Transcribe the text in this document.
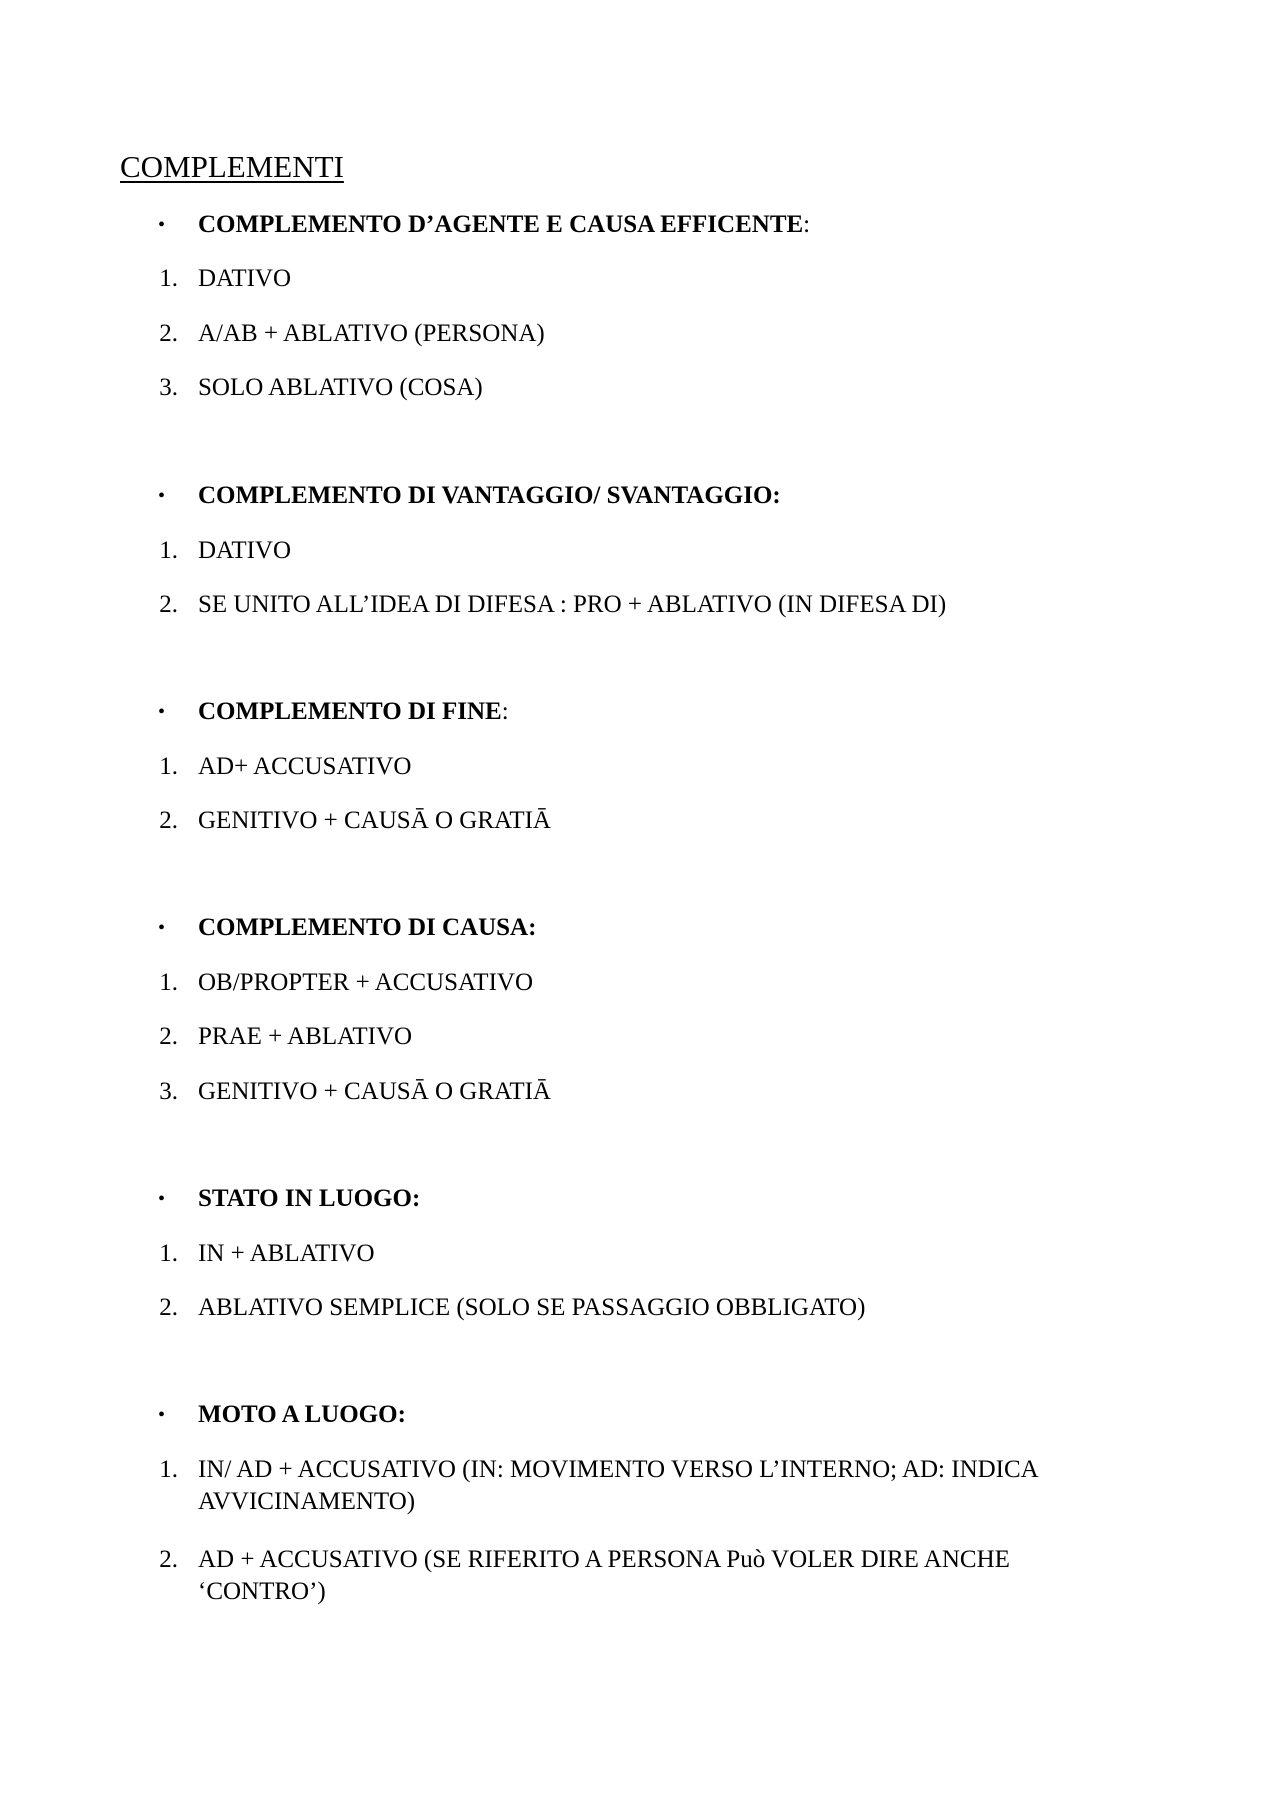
COMPLEMENTI
• COMPLEMENTO D’AGENTE E CAUSA EFFICENTE:
1. DATIVO
2. A/AB + ABLATIVO (PERSONA)
3. SOLO ABLATIVO (COSA)
• COMPLEMENTO DI VANTAGGIO/ SVANTAGGIO:
1. DATIVO
2. SE UNITO ALL’IDEA DI DIFESA : PRO + ABLATIVO (IN DIFESA DI)
• COMPLEMENTO DI FINE:
1. AD+ ACCUSATIVO
2. GENITIVO + CAUSĀ O GRATIĀ
• COMPLEMENTO DI CAUSA:
1. OB/PROPTER + ACCUSATIVO
2. PRAE + ABLATIVO
3. GENITIVO + CAUSĀ O GRATIĀ
• STATO IN LUOGO:
1. IN + ABLATIVO
2. ABLATIVO SEMPLICE (SOLO SE PASSAGGIO OBBLIGATO)
• MOTO A LUOGO:
1. IN/ AD + ACCUSATIVO (IN: MOVIMENTO VERSO L’INTERNO; AD: INDICA AVVICINAMENTO)
2. AD + ACCUSATIVO (SE RIFERITO A PERSONA Può VOLER DIRE ANCHE ‘CONTRO’)
